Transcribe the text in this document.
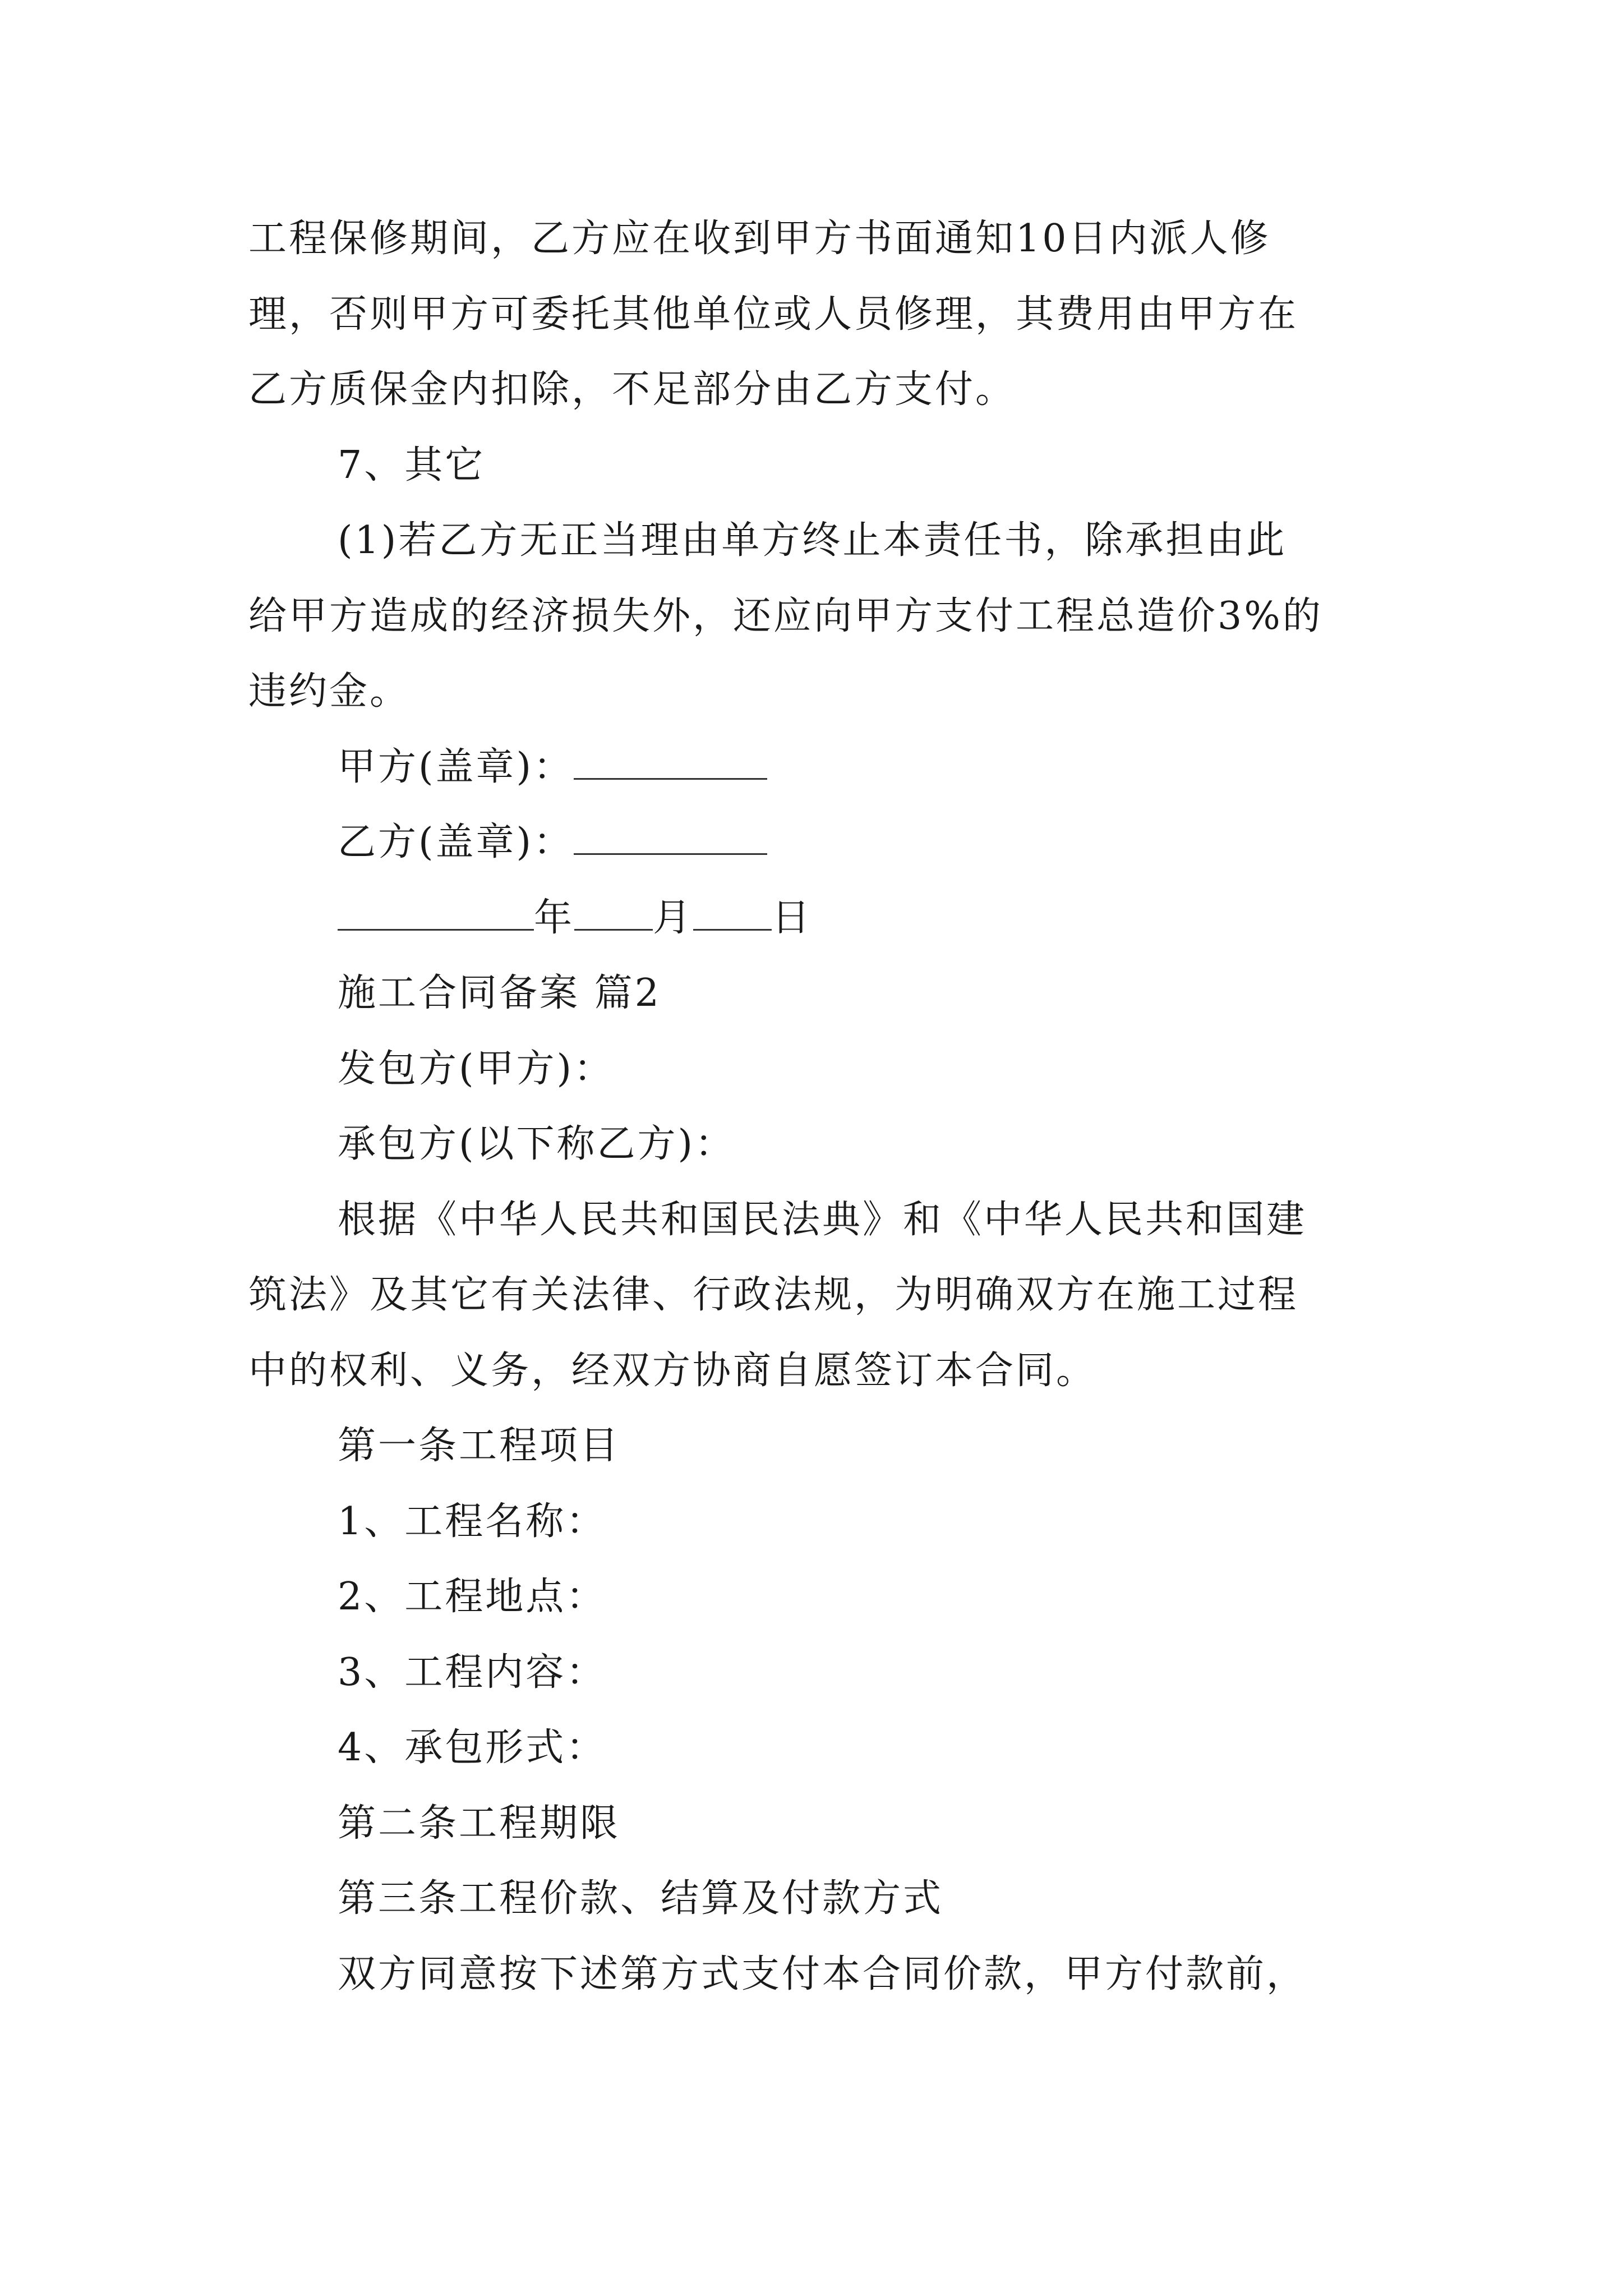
工程保修期间，乙方应在收到甲方书面通知10日内派人修
理，否则甲方可委托其他单位或人员修理，其费用由甲方在
乙方质保金内扣除，不足部分由乙方支付。
7、其它
(1)若乙方无正当理由单方终止本责任书，除承担由此
给甲方造成的经济损失外，还应向甲方支付工程总造价3%的
违约金。
甲方(盖章)：
乙方(盖章)：
年 月 日
施工合同备案 篇2
发包方(甲方)：
承包方(以下称乙方)：
根据《中华人民共和国民法典》和《中华人民共和国建
筑法》及其它有关法律、行政法规，为明确双方在施工过程
中的权利、义务，经双方协商自愿签订本合同。
第一条工程项目
1、工程名称：
2、工程地点：
3、工程内容：
4、承包形式：
第二条工程期限
第三条工程价款、结算及付款方式
双方同意按下述第方式支付本合同价款，甲方付款前，
